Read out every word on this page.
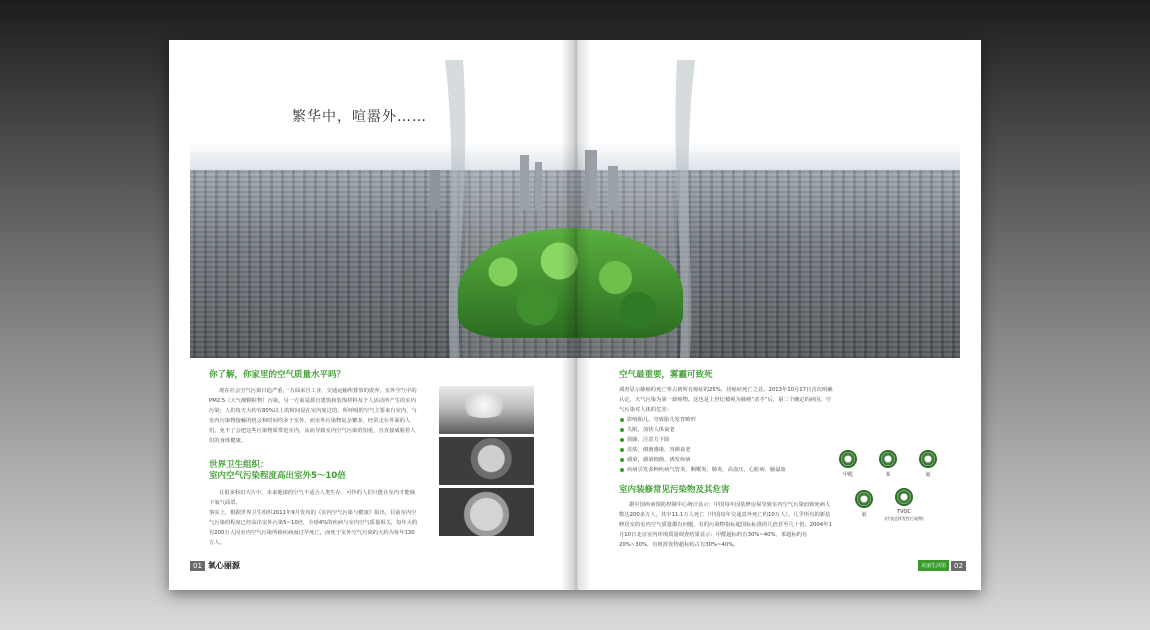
繁华中，喧嚣外……
你了解，你家里的空气质量水平吗？

现在社会空气污染日趋严重,一方面来自工业、交通运输所排放的废弃，室外空气中的PM2.5（大气细颗粒物）污染，另一方面是源自建筑和装饰材料及个人活动所产生的室内污染；人们每天大约有80%以上的时间是在室内度过的，所呼吸的空气主要来自室内，与室内污染物接触的机会和时间均多于室外，而室外污染物复杂繁多，经常走在外面的人们，免不了会把这些污染物质带进室内，从而导致室内空气污染的加重，且直接威胁着人们的身体健康。

世界卫生组织：
室内空气污染程度高出室外5～10倍

在很多科幻大片中，未来地球的空气不适合人类生存、可怜的人们只能在室内才能摘下氧气面罩。
事实上，根据世界卫生组织2011年9月发布的《室内空气污染与健康》指出，目前室内空气污染的程度已经高出室外污染5~10倍，全球4%的疾病与室内空气质量相关，每年大约有200万人因室内空气污染所致疾病而过早死亡，而死于室外空气污染的大约为每年130万人。

01 氧心丽源
空气最重要，雾霾可致死

调查显示肺癌的死亡率占到所有癌症的25%，居癌症死亡之首。2013年10月17日首次明确认定，大气污染为第一致癌物。这也是上世纪被视为肺癌“杀手”后，第二个确定的病因。空气污染对人体的危害：

影响胎儿，导致胎儿发育畸形
失眠，加快人体衰老
烦躁，注意力下降
皮肤，细菌感染，容颜衰老
感染，感染细菌，诱发疾病
疾病引发多种疾病气管炎、咽喉炎、肺炎、高血压、心脏病、脑溢血
室内装修常见污染物及其危害

据中国疾病预防控制中心统计显示：中国每年因装修房屋导致室内空气污染而致死病人数达200多万人，其中11.1万人死亡（中国每年交通意外死亡约10万人）。几乎所有的新装修居室的室内空气质量都有问题，有的污染物指标超国标标准的几倍甚至几十倍。2004年1月10日北京室内环境质量调查结果显示：甲醛超标约有30%~40%，苯超标约有20%~30%，有机挥发物超标约占有30%~40%。

甲醛	苯	氨
氡	TVOC
(代表总挥发性污染物)
美丽生活馆	02
